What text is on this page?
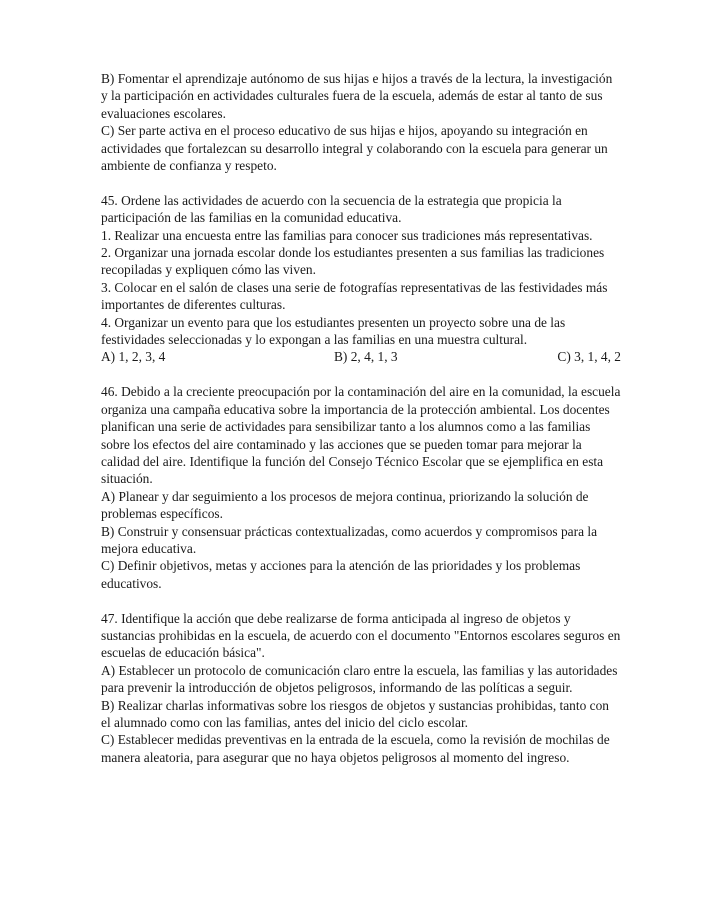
B) Fomentar el aprendizaje autónomo de sus hijas e hijos a través de la lectura, la investigación y la participación en actividades culturales fuera de la escuela, además de estar al tanto de sus evaluaciones escolares.

C) Ser parte activa en el proceso educativo de sus hijas e hijos, apoyando su integración en actividades que fortalezcan su desarrollo integral y colaborando con la escuela para generar un ambiente de confianza y respeto.

45. Ordene las actividades de acuerdo con la secuencia de la estrategia que propicia la participación de las familias en la comunidad educativa.

1. Realizar una encuesta entre las familias para conocer sus tradiciones más representativas.

2. Organizar una jornada escolar donde los estudiantes presenten a sus familias las tradiciones recopiladas y expliquen cómo las viven.

3. Colocar en el salón de clases una serie de fotografías representativas de las festividades más importantes de diferentes culturas.

4. Organizar un evento para que los estudiantes presenten un proyecto sobre una de las festividades seleccionadas y lo expongan a las familias en una muestra cultural.

A) 1, 2, 3, 4	B) 2, 4, 1, 3	C) 3, 1, 4, 2

46. Debido a la creciente preocupación por la contaminación del aire en la comunidad, la escuela organiza una campaña educativa sobre la importancia de la protección ambiental. Los docentes planifican una serie de actividades para sensibilizar tanto a los alumnos como a las familias sobre los efectos del aire contaminado y las acciones que se pueden tomar para mejorar la calidad del aire. Identifique la función del Consejo Técnico Escolar que se ejemplifica en esta situación.

A) Planear y dar seguimiento a los procesos de mejora continua, priorizando la solución de problemas específicos.

B) Construir y consensuar prácticas contextualizadas, como acuerdos y compromisos para la mejora educativa.

C) Definir objetivos, metas y acciones para la atención de las prioridades y los problemas educativos.

47. Identifique la acción que debe realizarse de forma anticipada al ingreso de objetos y sustancias prohibidas en la escuela, de acuerdo con el documento "Entornos escolares seguros en escuelas de educación básica".

A) Establecer un protocolo de comunicación claro entre la escuela, las familias y las autoridades para prevenir la introducción de objetos peligrosos, informando de las políticas a seguir.

B) Realizar charlas informativas sobre los riesgos de objetos y sustancias prohibidas, tanto con el alumnado como con las familias, antes del inicio del ciclo escolar.

C) Establecer medidas preventivas en la entrada de la escuela, como la revisión de mochilas de manera aleatoria, para asegurar que no haya objetos peligrosos al momento del ingreso.
